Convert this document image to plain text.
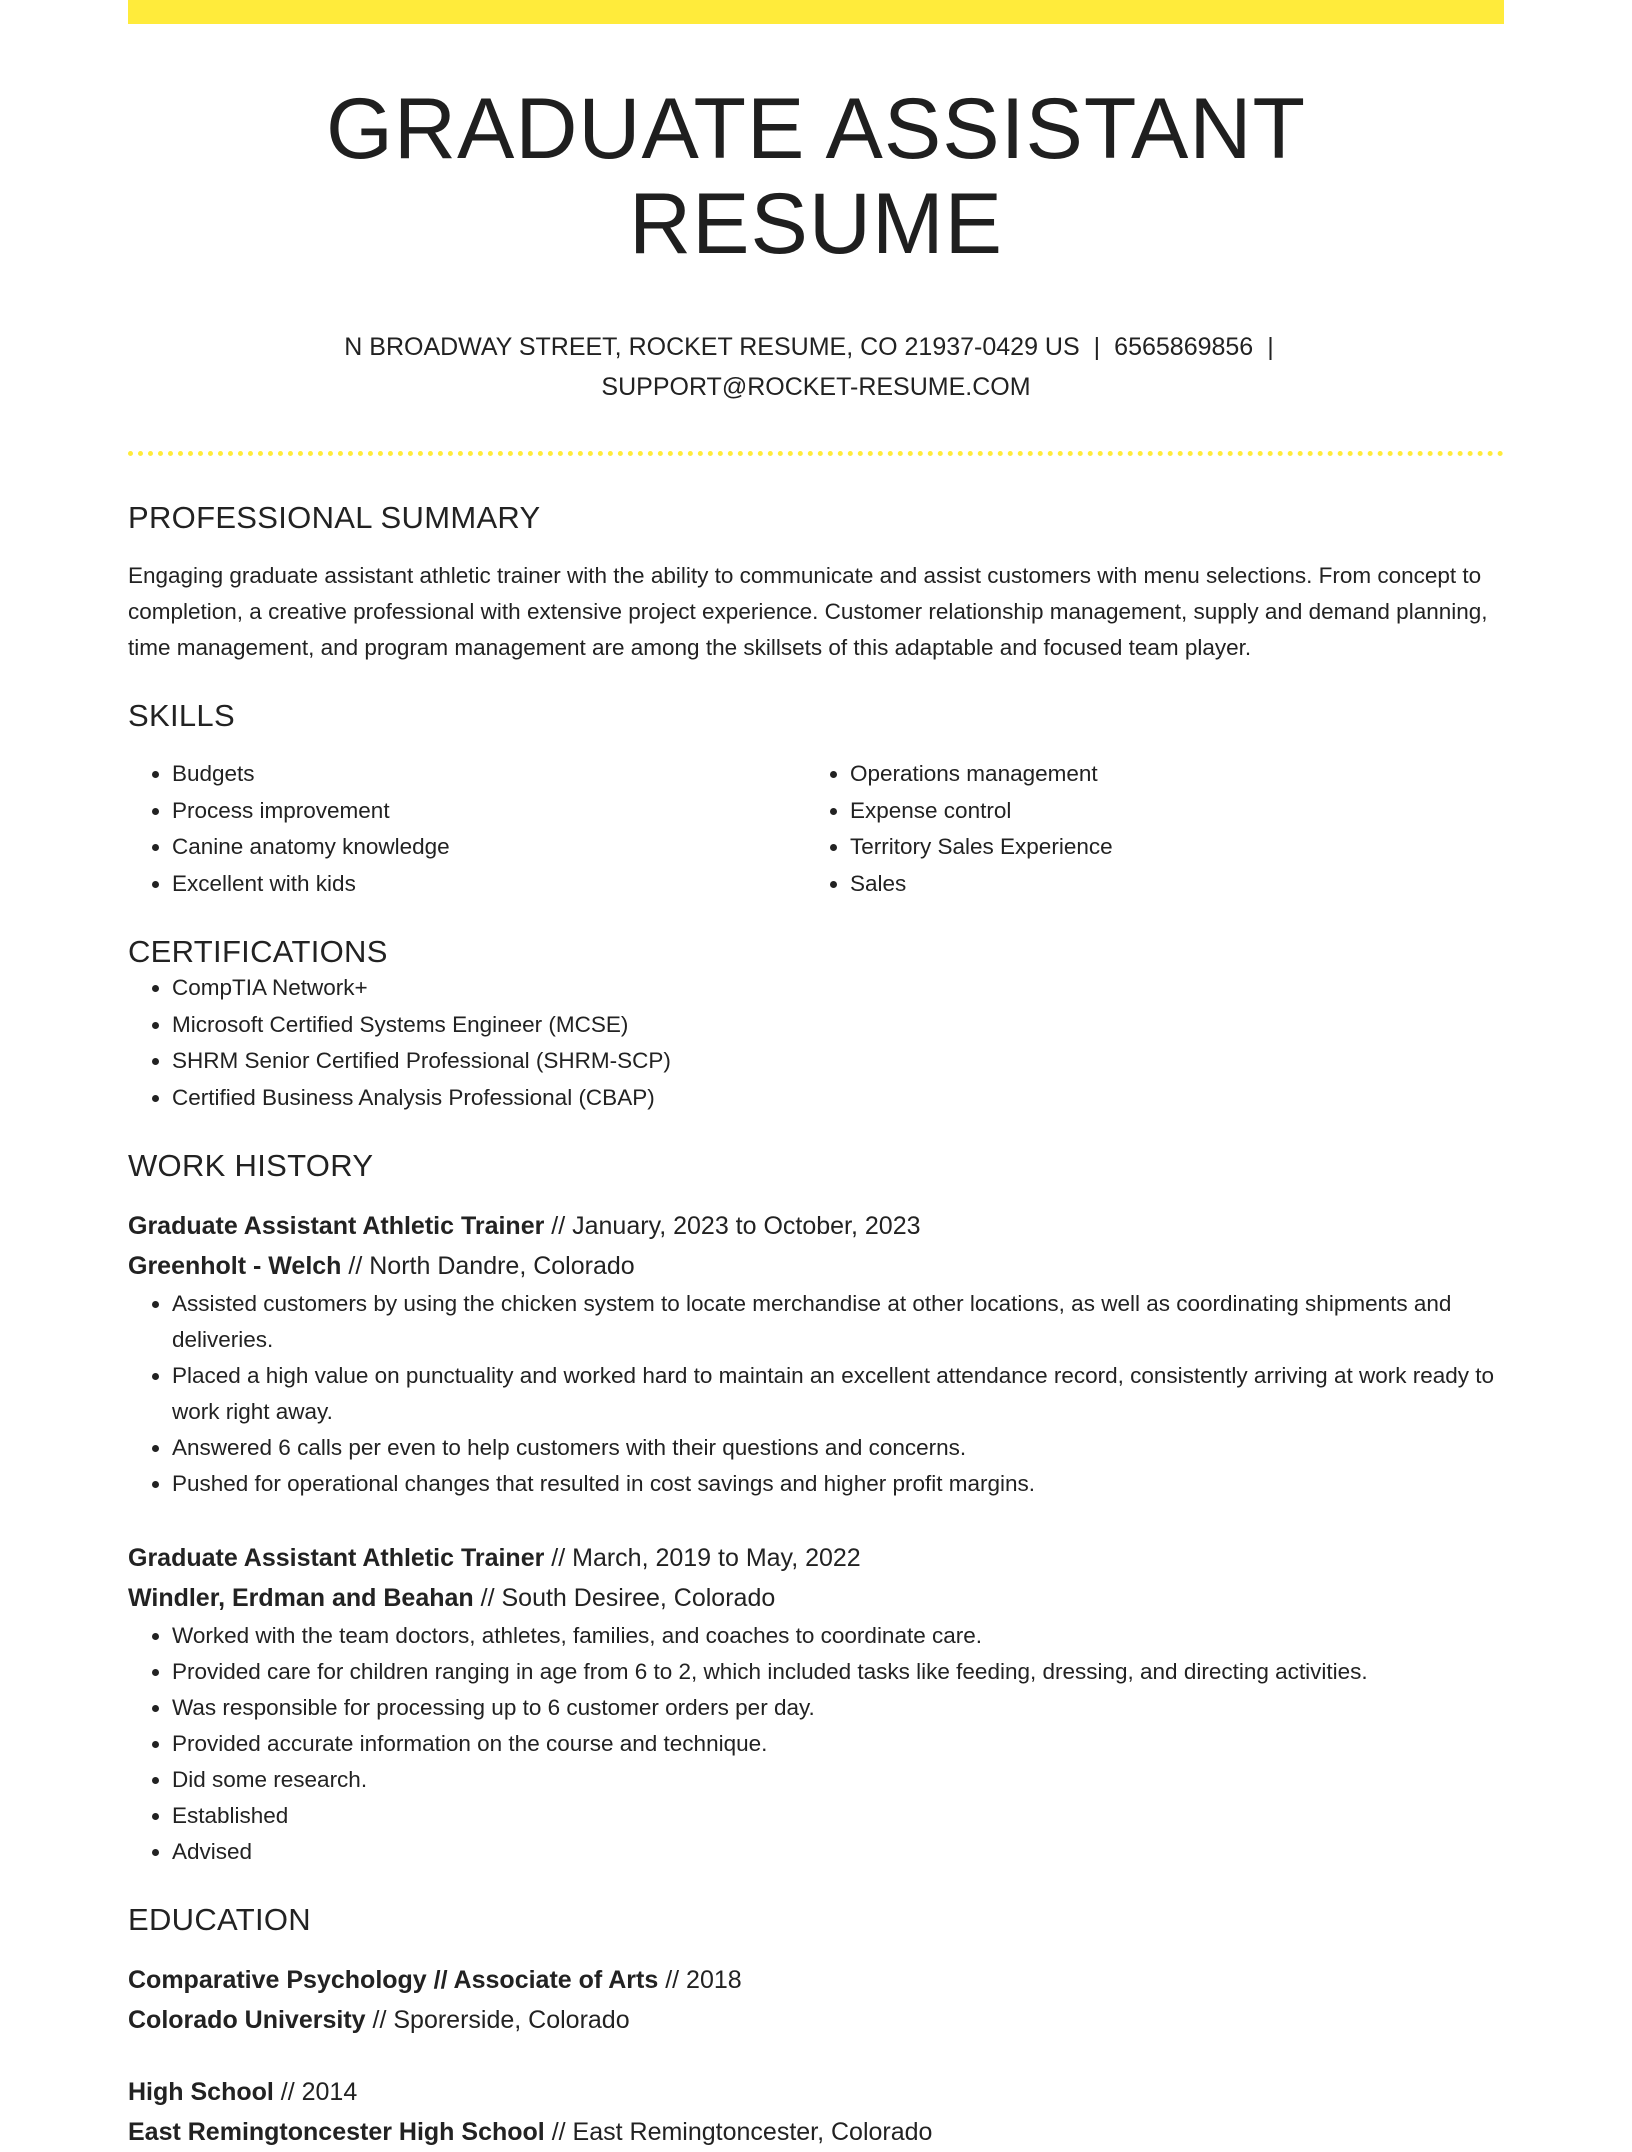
GRADUATE ASSISTANT RESUME
N BROADWAY STREET, ROCKET RESUME, CO 21937-0429 US | 6565869856 |
SUPPORT@ROCKET-RESUME.COM
PROFESSIONAL SUMMARY
Engaging graduate assistant athletic trainer with the ability to communicate and assist customers with menu selections. From concept to completion, a creative professional with extensive project experience. Customer relationship management, supply and demand planning, time management, and program management are among the skillsets of this adaptable and focused team player.
SKILLS
• Budgets
• Process improvement
• Canine anatomy knowledge
• Excellent with kids
• Operations management
• Expense control
• Territory Sales Experience
• Sales
CERTIFICATIONS
• CompTIA Network+
• Microsoft Certified Systems Engineer (MCSE)
• SHRM Senior Certified Professional (SHRM-SCP)
• Certified Business Analysis Professional (CBAP)
WORK HISTORY
Graduate Assistant Athletic Trainer // January, 2023 to October, 2023
Greenholt - Welch // North Dandre, Colorado
• Assisted customers by using the chicken system to locate merchandise at other locations, as well as coordinating shipments and deliveries.
• Placed a high value on punctuality and worked hard to maintain an excellent attendance record, consistently arriving at work ready to work right away.
• Answered 6 calls per even to help customers with their questions and concerns.
• Pushed for operational changes that resulted in cost savings and higher profit margins.
Graduate Assistant Athletic Trainer // March, 2019 to May, 2022
Windler, Erdman and Beahan // South Desiree, Colorado
• Worked with the team doctors, athletes, families, and coaches to coordinate care.
• Provided care for children ranging in age from 6 to 2, which included tasks like feeding, dressing, and directing activities.
• Was responsible for processing up to 6 customer orders per day.
• Provided accurate information on the course and technique.
• Did some research.
• Established
• Advised
EDUCATION
Comparative Psychology // Associate of Arts // 2018
Colorado University // Sporerside, Colorado
High School // 2014
East Remingtoncester High School // East Remingtoncester, Colorado
